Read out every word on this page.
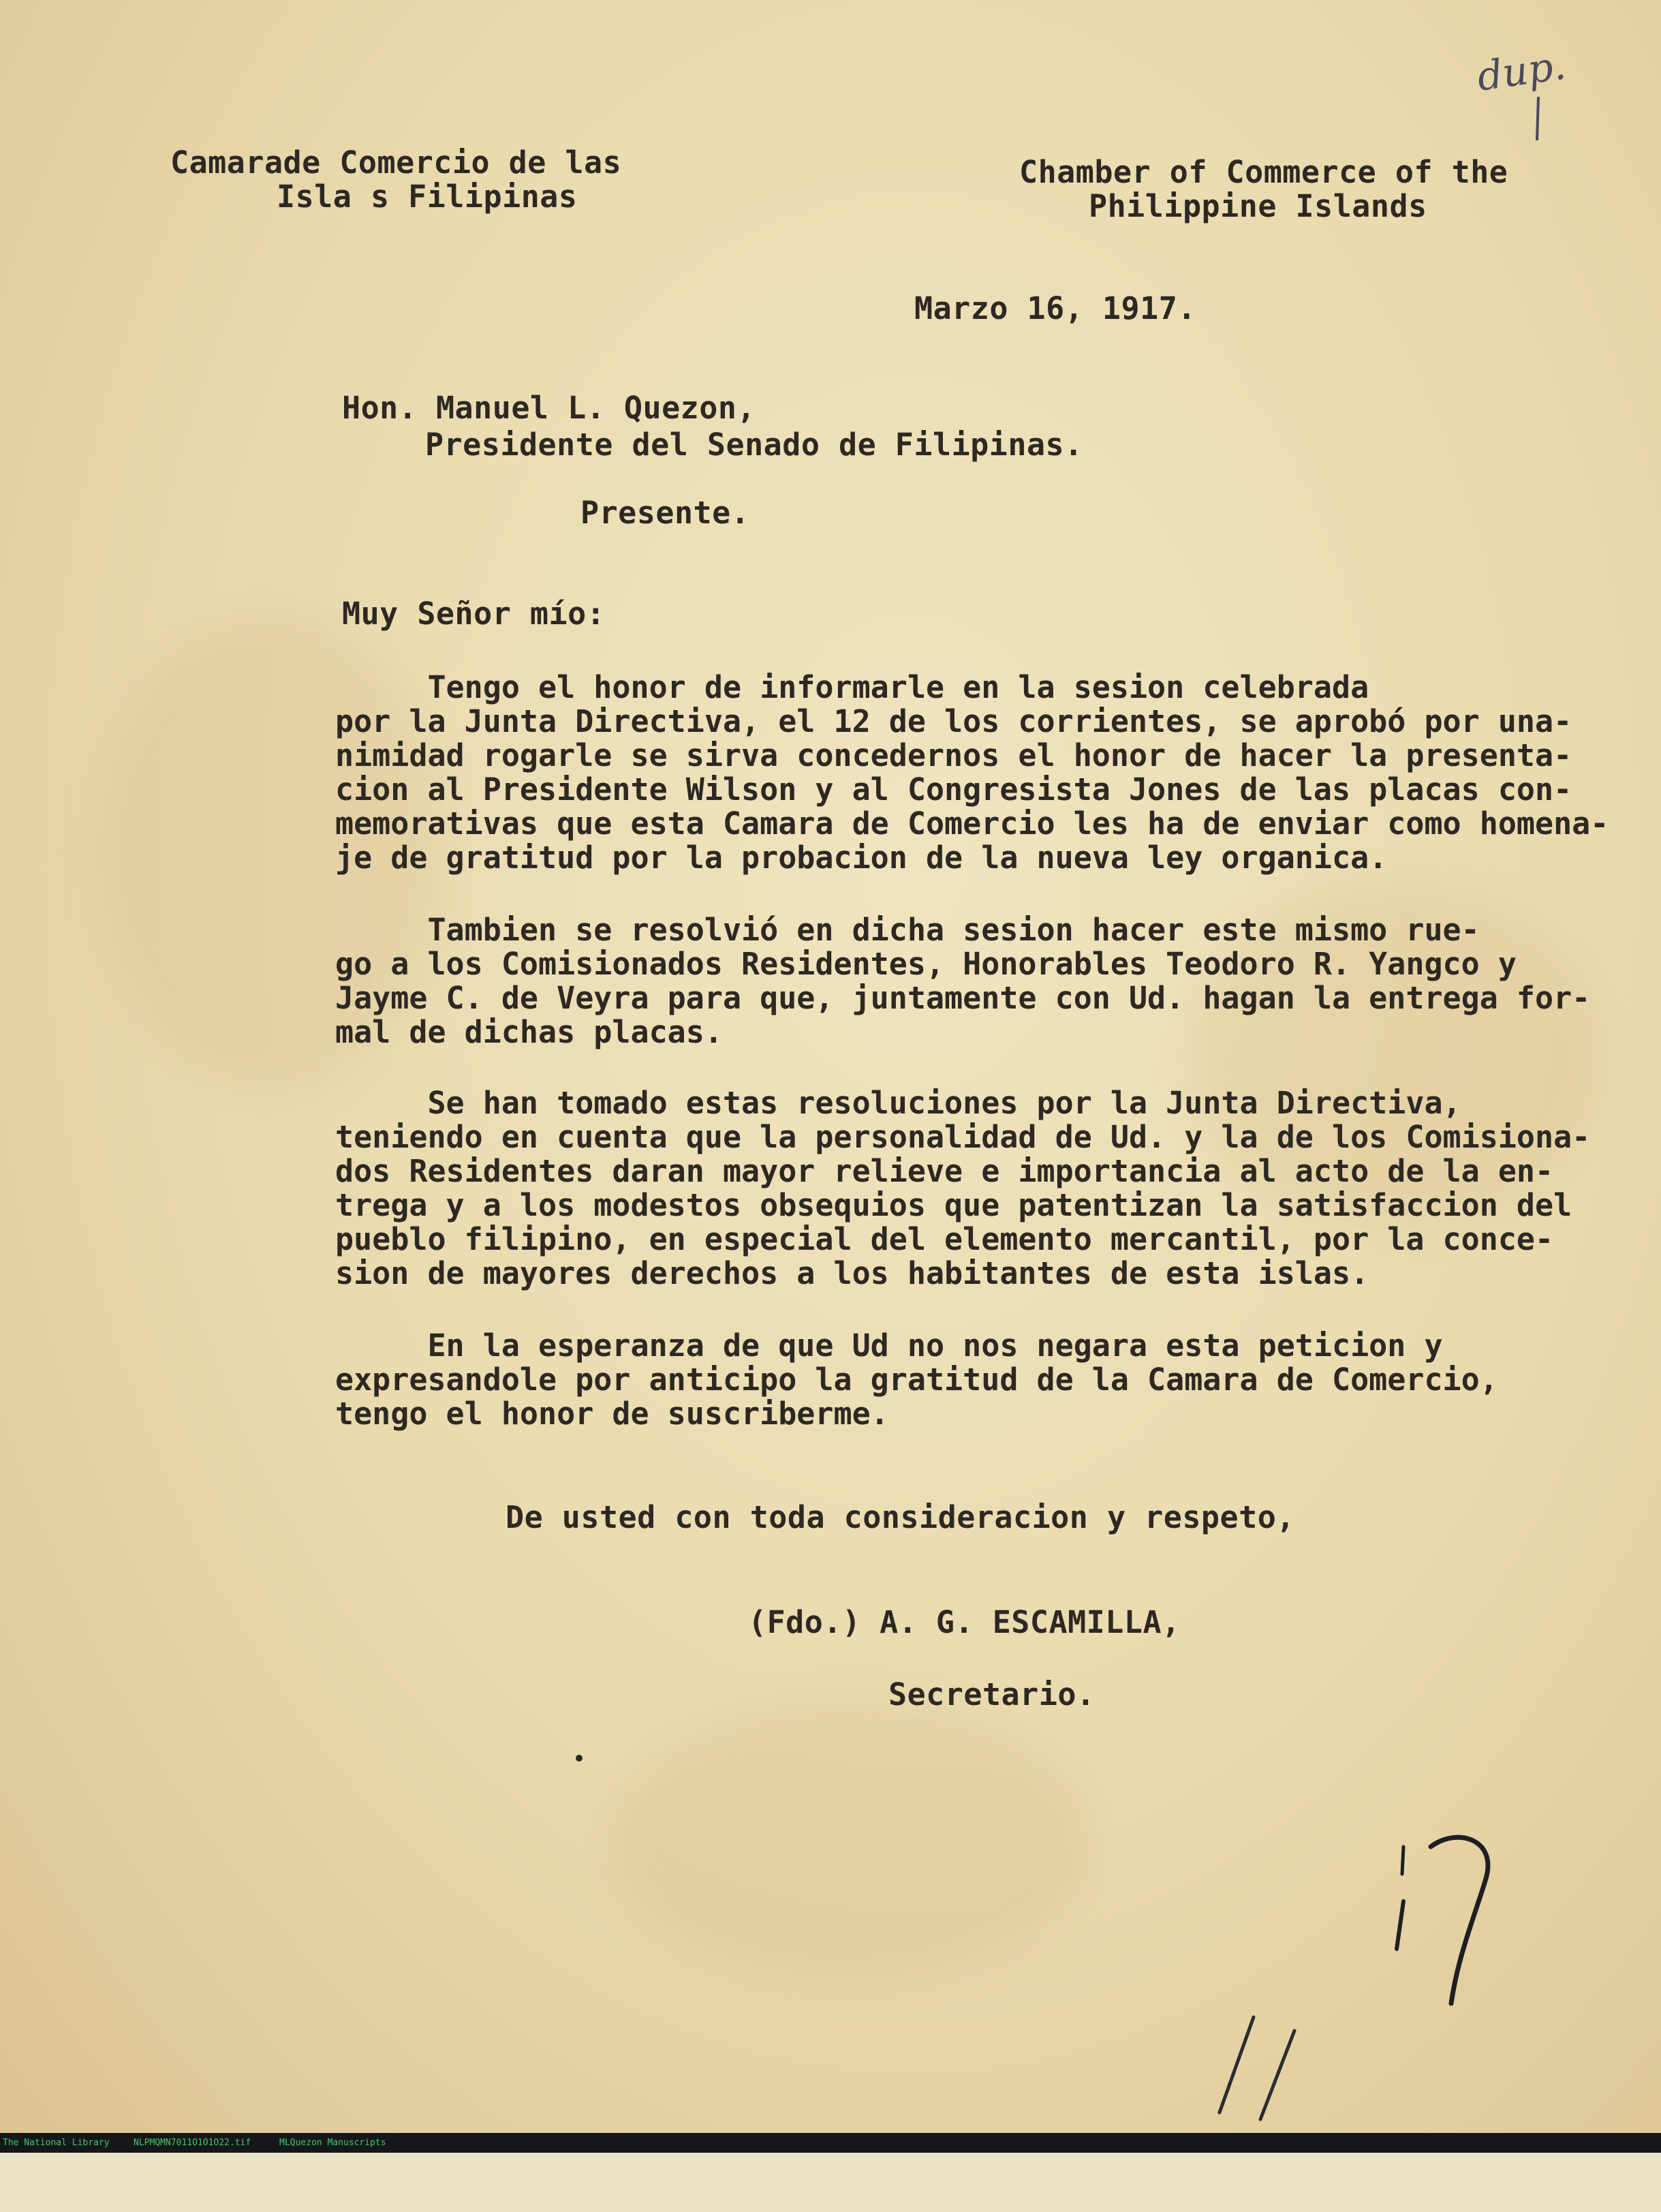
dup.
Camarade Comercio de las
Isla s Filipinas
Chamber of Commerce of the
Philippine Islands
Marzo 16, 1917.
Hon. Manuel L. Quezon,
Presidente del Senado de Filipinas.
Presente.
Muy Señor mío:
Tengo el honor de informarle en la sesion celebrada
por la Junta Directiva, el 12 de los corrientes, se aprobó por una-
nimidad rogarle se sirva concedernos el honor de hacer la presenta-
cion al Presidente Wilson y al Congresista Jones de las placas con-
memorativas que esta Camara de Comercio les ha de enviar como homena-
je de gratitud por la probacion de la nueva ley organica.
Tambien se resolvió en dicha sesion hacer este mismo rue-
go a los Comisionados Residentes, Honorables Teodoro R. Yangco y
Jayme C. de Veyra para que, juntamente con Ud. hagan la entrega for-
mal de dichas placas.
Se han tomado estas resoluciones por la Junta Directiva,
teniendo en cuenta que la personalidad de Ud. y la de los Comisiona-
dos Residentes daran mayor relieve e importancia al acto de la en-
trega y a los modestos obsequios que patentizan la satisfaccion del
pueblo filipino, en especial del elemento mercantil, por la conce-
sion de mayores derechos a los habitantes de esta islas.
En la esperanza de que Ud no nos negara esta peticion y
expresandole por anticipo la gratitud de la Camara de Comercio,
tengo el honor de suscriberme.
De usted con toda consideracion y respeto,
(Fdo.) A. G. ESCAMILLA,
Secretario.

The National Library

	NLPMQMN7011O1O1O22.tif

	MLQuezon Manuscripts
